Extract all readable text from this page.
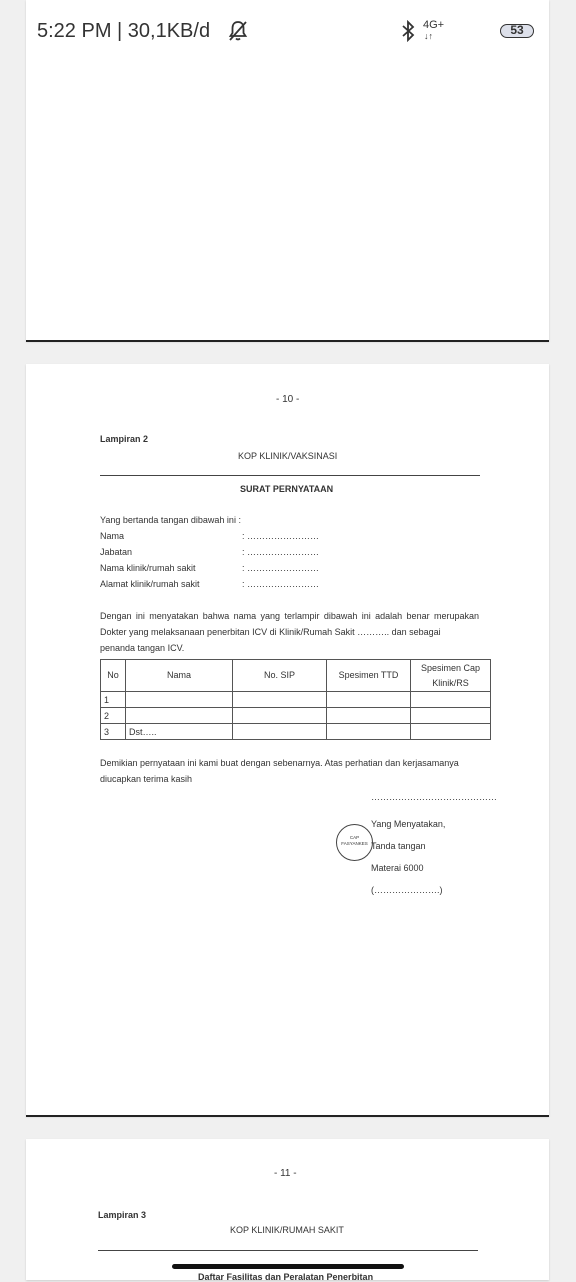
5:22 PM | 30,1KB/d	4G+
↓↑	53
- 10 -
Lampiran 2
KOP KLINIK/VAKSINASI
SURAT PERNYATAAN
Yang bertanda tangan dibawah ini :
Nama	: ……………………
Jabatan	: ……………………
Nama klinik/rumah sakit	: ……………………
Alamat klinik/rumah sakit	: ……………………
Dengan ini menyatakan bahwa nama yang terlampir dibawah ini adalah benar merupakan Dokter yang melaksanaan penerbitan ICV di Klinik/Rumah Sakit ……….. dan sebagai
penanda tangan ICV.
No	Nama	No. SIP	Spesimen TTD	Spesimen Cap Klinik/RS
1				
2				
3	Dst…..			
Demikian pernyataan ini kami buat dengan sebenarnya. Atas perhatian dan kerjasamanya
diucapkan terima kasih
……………………………………
Yang Menyatakan,
Tanda tangan
Materai 6000
(………………….)
CAP
FASYANKES
- 11 -
Lampiran 3
KOP KLINIK/RUMAH SAKIT
Daftar Fasilitas dan Peralatan Penerbitan
